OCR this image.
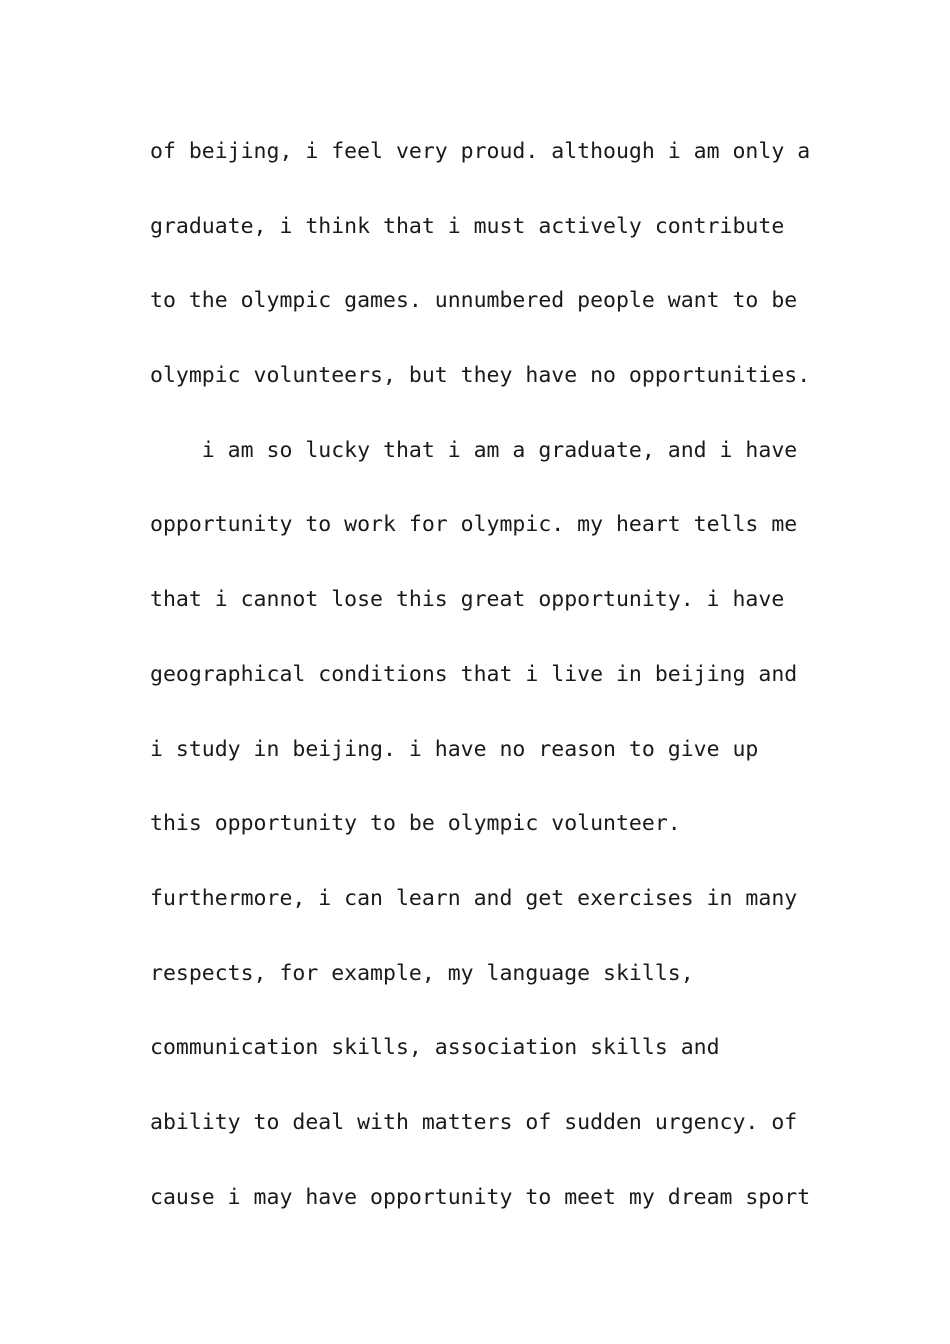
of beijing, i feel very proud. although i am only a
graduate, i think that i must actively contribute
to the olympic games. unnumbered people want to be
olympic volunteers, but they have no opportunities.
i am so lucky that i am a graduate, and i have
opportunity to work for olympic. my heart tells me
that i cannot lose this great opportunity. i have
geographical conditions that i live in beijing and
i study in beijing. i have no reason to give up
this opportunity to be olympic volunteer.
furthermore, i can learn and get exercises in many
respects, for example, my language skills,
communication skills, association skills and
ability to deal with matters of sudden urgency. of
cause i may have opportunity to meet my dream sport
